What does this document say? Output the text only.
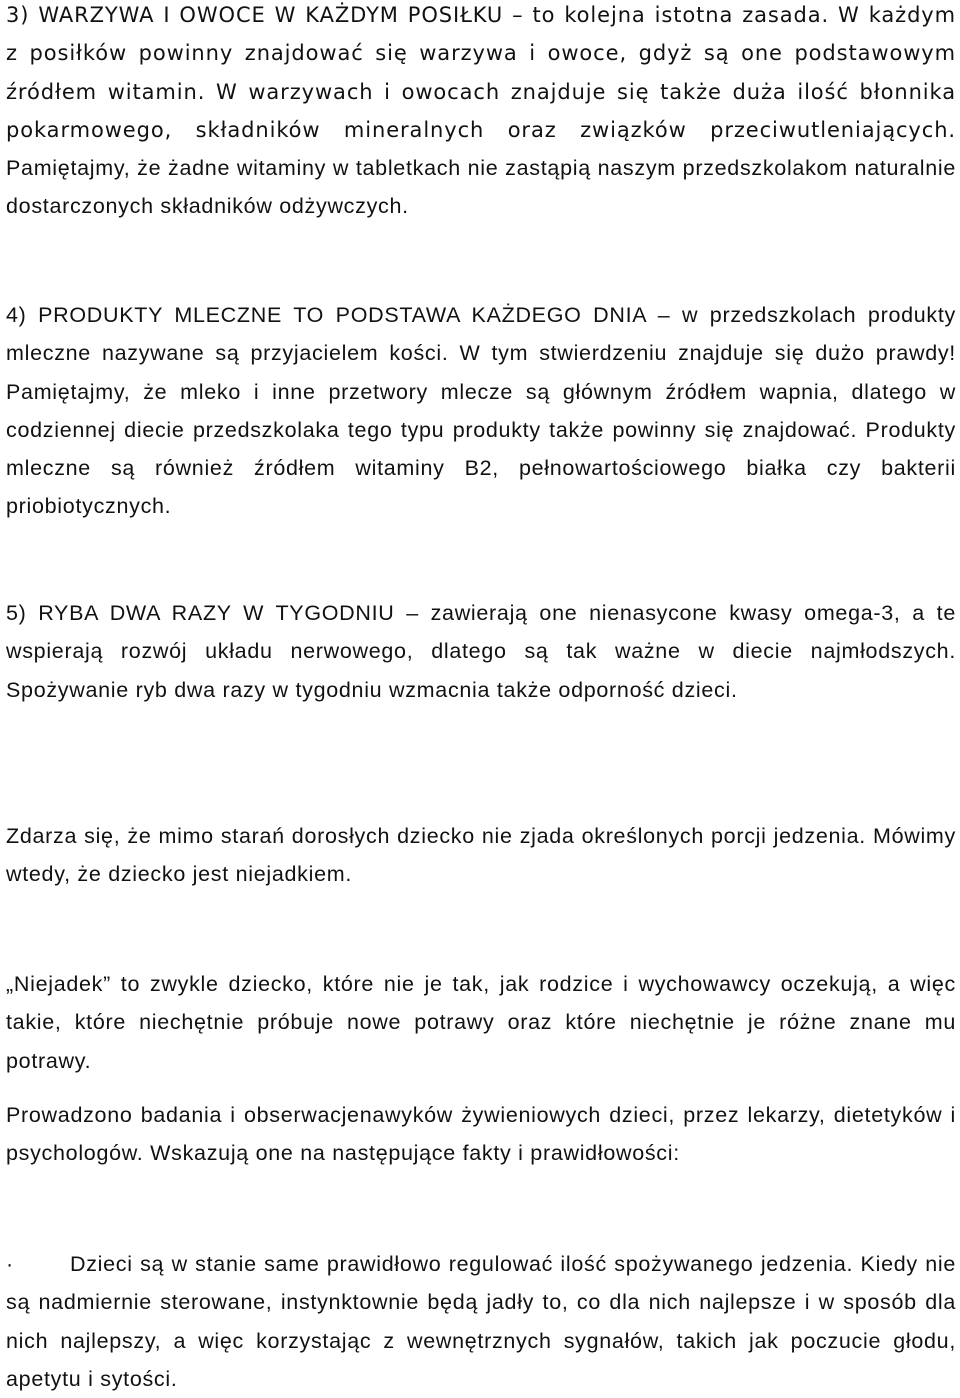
3) WARZYWA I OWOCE W KAŻDYM POSIŁKU – to kolejna istotna zasada. W każdym z posiłków powinny znajdować się warzywa i owoce, gdyż są one podstawowym źródłem witamin. W warzywach i owocach znajduje się także duża ilość błonnika pokarmowego, składników mineralnych oraz związków przeciwutleniających. Pamiętajmy, że żadne witaminy w tabletkach nie zastąpią naszym przedszkolakom naturalnie dostarczonych składników odżywczych.

4) PRODUKTY MLECZNE TO PODSTAWA KAŻDEGO DNIA – w przedszkolach produkty mleczne nazywane są przyjacielem kości. W tym stwierdzeniu znajduje się dużo prawdy! Pamiętajmy, że mleko i inne przetwory mlecze są głównym źródłem wapnia, dlatego w codziennej diecie przedszkolaka tego typu produkty także powinny się znajdować. Produkty mleczne są również źródłem witaminy B2, pełnowartościowego białka czy bakterii priobiotycznych.

5) RYBA DWA RAZY W TYGODNIU – zawierają one nienasycone kwasy omega-3, a te wspierają rozwój układu nerwowego, dlatego są tak ważne w diecie najmłodszych. Spożywanie ryb dwa razy w tygodniu wzmacnia także odporność dzieci.

Zdarza się, że mimo starań dorosłych dziecko nie zjada określonych porcji jedzenia. Mówimy wtedy, że dziecko jest niejadkiem.

„Niejadek” to zwykle dziecko, które nie je tak, jak rodzice i wychowawcy oczekują, a więc takie, które niechętnie próbuje nowe potrawy oraz które niechętnie je różne znane mu potrawy.

Prowadzono badania i obserwacjenawyków żywieniowych dzieci, przez lekarzy, dietetyków i psychologów. Wskazują one na następujące fakty i prawidłowości:

·	Dzieci są w stanie same prawidłowo regulować ilość spożywanego jedzenia. Kiedy nie są nadmiernie sterowane, instynktownie będą jadły to, co dla nich najlepsze i w sposób dla nich najlepszy, a więc korzystając z wewnętrznych sygnałów, takich jak poczucie głodu, apetytu i sytości.
